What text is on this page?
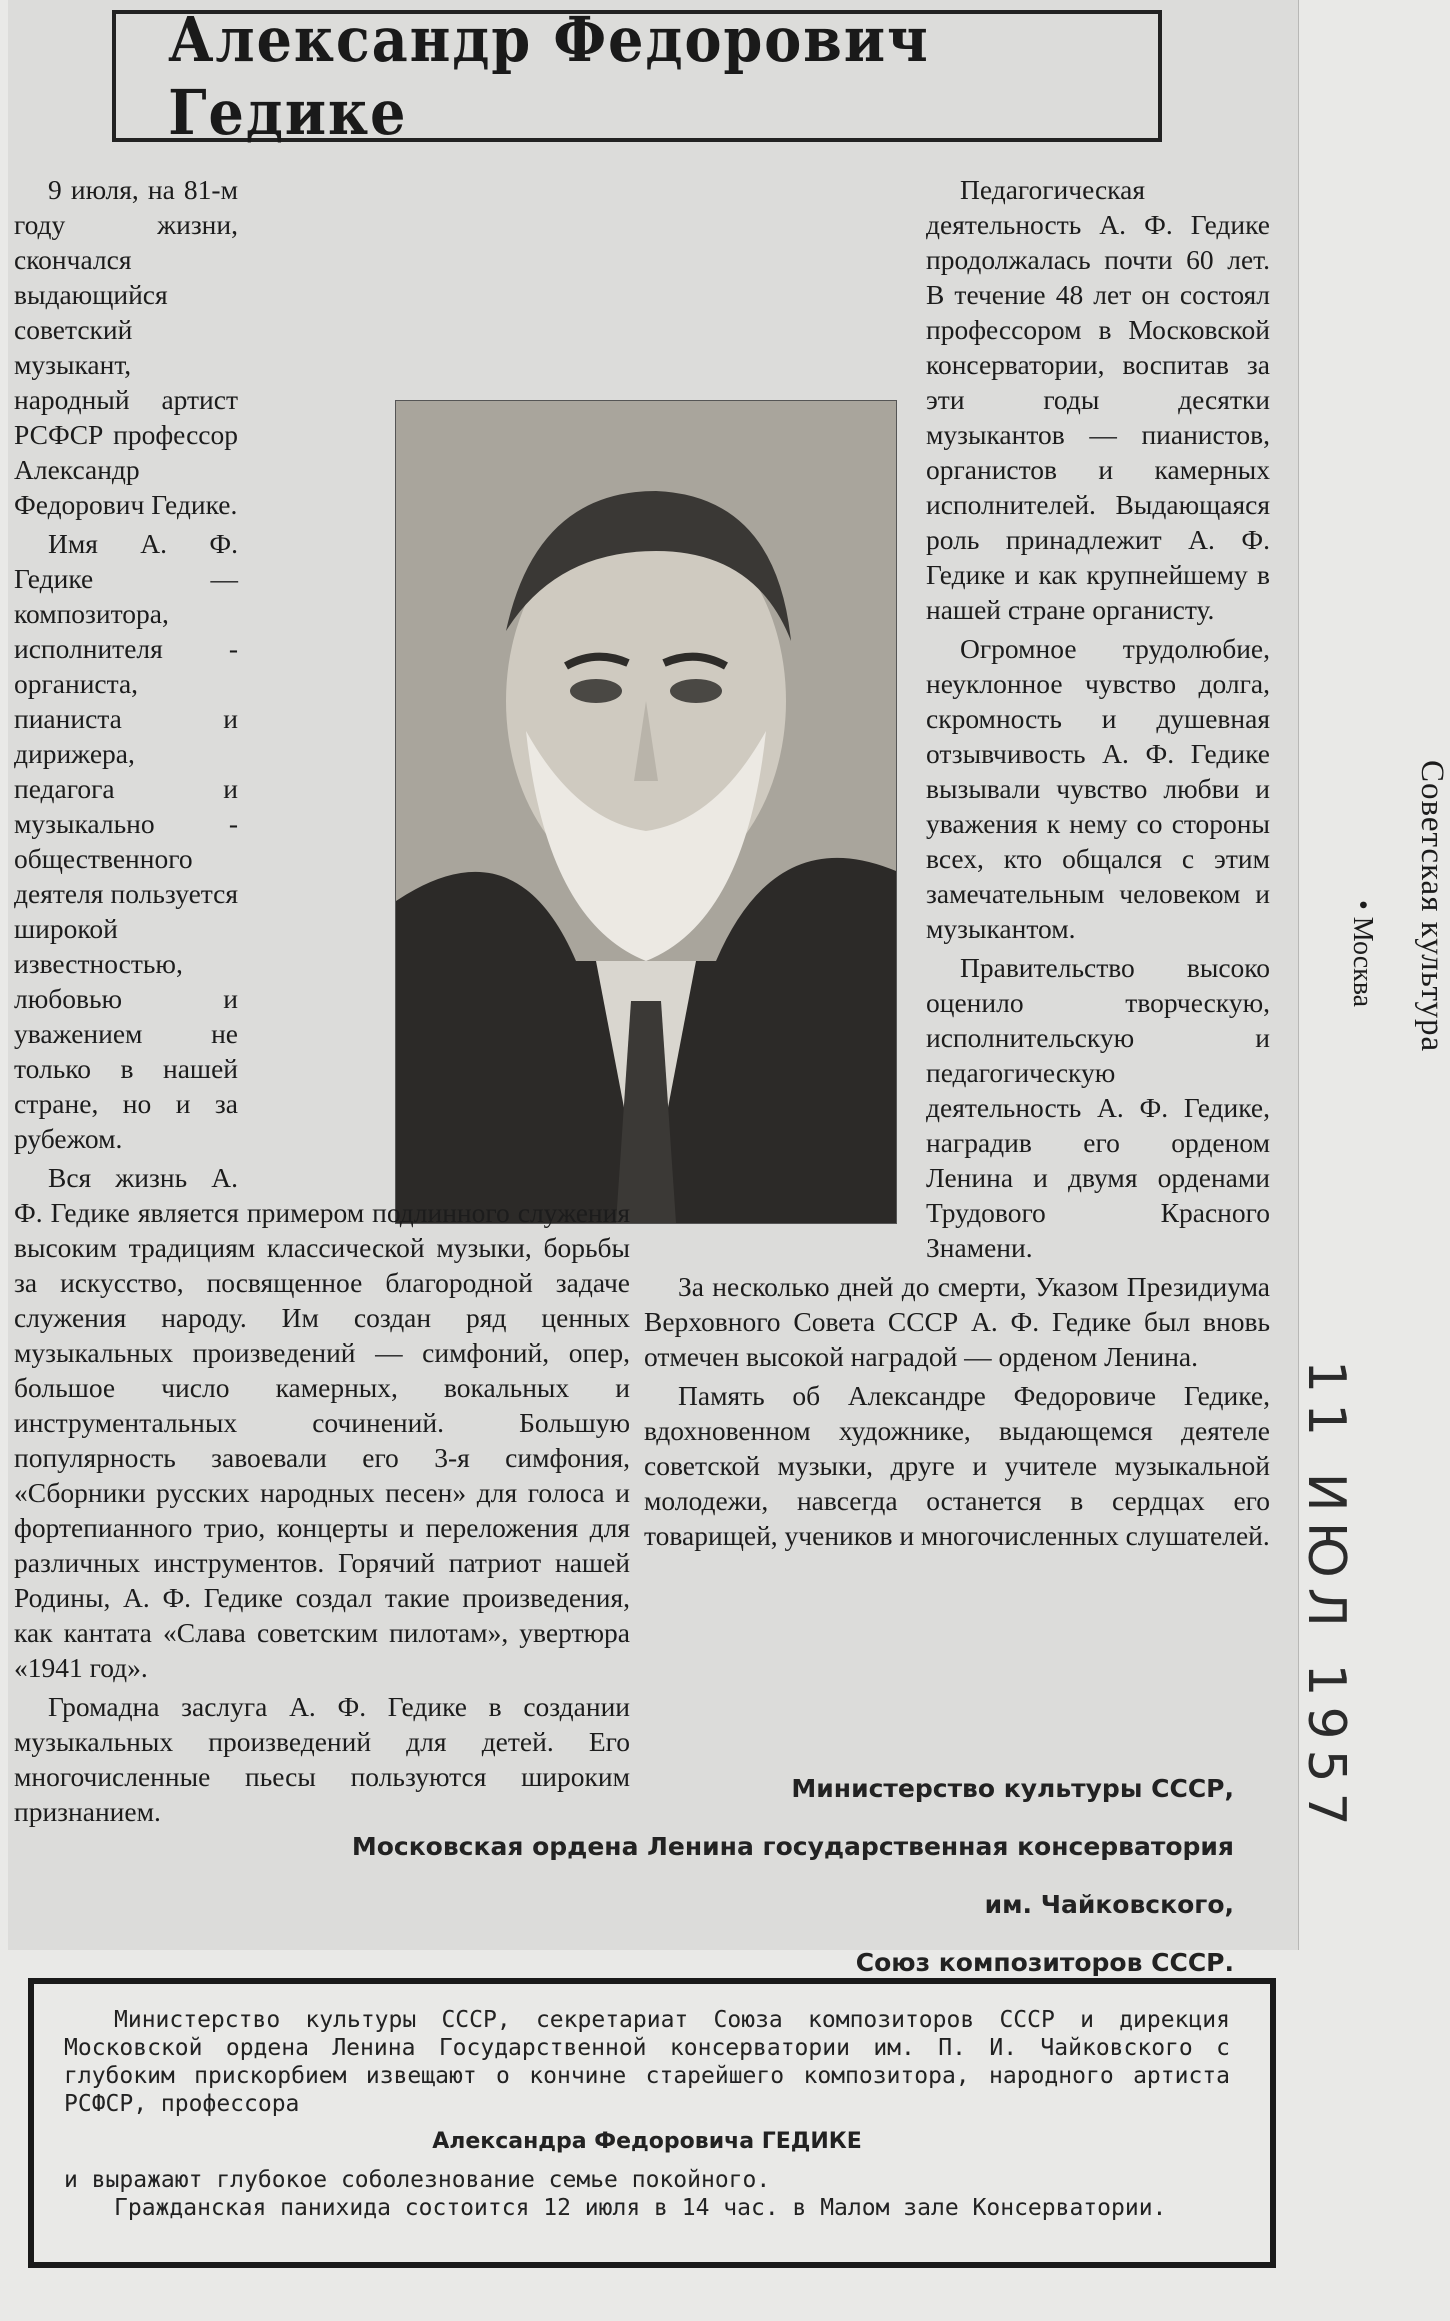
Александр Федорович Гедике

9 июля, на 81-м году жизни, скончался выдающийся советский музыкант, народный артист РСФСР профессор Александр Федорович Гедике.

Имя А. Ф. Гедике — композитора, исполнителя - органиста, пианиста и дирижера, педагога и музыкально - общественного деятеля пользуется широкой известностью, любовью и уважением не только в нашей стране, но и за рубежом.

Вся жизнь А. Ф. Гедике является примером подлинного служения высоким традициям классической музыки, борьбы за искусство, посвященное благородной задаче служения народу. Им создан ряд ценных музыкальных произведений — симфоний, опер, большое число камерных, вокальных и инструментальных сочинений. Большую популярность завоевали его 3-я симфония, «Сборники русских народных песен» для голоса и фортепианного трио, концерты и переложения для различных инструментов. Горячий патриот нашей Родины, А. Ф. Гедике создал такие произведения, как кантата «Слава советским пилотам», увертюра «1941 год».

Громадна заслуга А. Ф. Гедике в создании музыкальных произведений для детей. Его многочисленные пьесы пользуются широким признанием.

Педагогическая деятельность А. Ф. Гедике продолжалась почти 60 лет. В течение 48 лет он состоял профессором в Московской консерватории, воспитав за эти годы десятки музыкантов — пианистов, органистов и камерных исполнителей. Выдающаяся роль принадлежит А. Ф. Гедике и как крупнейшему в нашей стране органисту.

Огромное трудолюбие, неуклонное чувство долга, скромность и душевная отзывчивость А. Ф. Гедике вызывали чувство любви и уважения к нему со стороны всех, кто общался с этим замечательным человеком и музыкантом.

Правительство высоко оценило творческую, исполнительскую и педагогическую деятельность А. Ф. Гедике, наградив его орденом Ленина и двумя орденами Трудового Красного Знамени.

За несколько дней до смерти, Указом Президиума Верховного Совета СССР А. Ф. Гедике был вновь отмечен высокой наградой — орденом Ленина.

Память об Александре Федоровиче Гедике, вдохновенном художнике, выдающемся деятеле советской музыки, друге и учителе музыкальной молодежи, навсегда останется в сердцах его товарищей, учеников и многочисленных слушателей.

Министерство культуры СССР,
Московская ордена Ленина государственная консерватория
им. Чайковского,
Союз композиторов СССР.

Министерство культуры СССР, секретариат Союза композиторов СССР и дирекция Московской ордена Ленина Государственной консерватории им. П. И. Чайковского с глубоким прискорбием извещают о кончине старейшего композитора, народного артиста РСФСР, профессора

Александра Федоровича ГЕДИКЕ

и выражают глубокое соболезнование семье покойного.

Гражданская панихида состоится 12 июля в 14 час. в Малом зале Консерватории.

Советская культура
• Москва
11 ИЮЛ 1957
